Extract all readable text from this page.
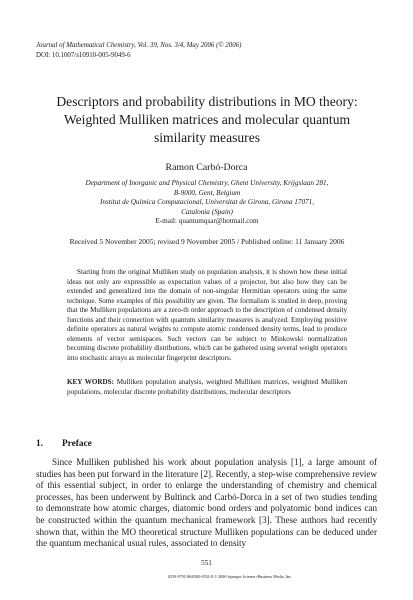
Journal of Mathematical Chemistry, Vol. 39, Nos. 3/4, May 2006 (© 2006)
DOI: 10.1007/s10910-005-9049-6
Descriptors and probability distributions in MO theory: Weighted Mulliken matrices and molecular quantum similarity measures
Ramon Carbó-Dorca
Department of Inorganic and Physical Chemistry, Ghent University, Krijgslaan 281,
B-9000, Gent, Belgium
Institut de Química Computacional, Universitat de Girona, Girona 17071,
Catalonia (Spain)
E-mail: quantumqsar@hotmail.com
Received 5 November 2005; revised 9 November 2005 / Published online: 11 January 2006

Starting from the original Mulliken study on population analysis, it is shown how these initial ideas not only are expressible as expectation values of a projector, but also how they can be extended and generalized into the domain of non-singular Hermitian operators using the same technique. Some examples of this possibility are given. The formalism is studied in deep, proving that the Mulliken populations are a zero-th order approach to the description of condensed density functions and their connection with quantum similarity measures is analyzed. Employing positive definite operators as natural weights to compute atomic condensed density terms, lead to produce elements of vector semispaces. Such vectors can be subject to Minkowski normalization becoming discrete probability distributions, which can be gathered using several weight operators into stochastic arrays as molecular fingerprint descriptors.

KEY WORDS: Mulliken population analysis, weighted Mulliken matrices, weighted Mulliken populations, molecular discrete probability distributions, molecular descriptors

1. Preface

Since Mulliken published his work about population analysis [1], a large amount of studies has been put forward in the literature [2]. Recently, a step-wise comprehensive review of this essential subject, in order to enlarge the understanding of chemistry and chemical processes, has been underwent by Bultinck and Carbó-Dorca in a set of two studies tending to demonstrate how atomic charges, diatomic bond orders and polyatomic bond indices can be constructed within the quantum mechanical framework [3]. These authors had recently shown that, within the MO theoretical structure Mulliken populations can be deduced under the quantum mechanical usual rules, associated to density

551
0259-9791/06/0300-0531/0 © 2006 Springer Science+Business Media, Inc.
